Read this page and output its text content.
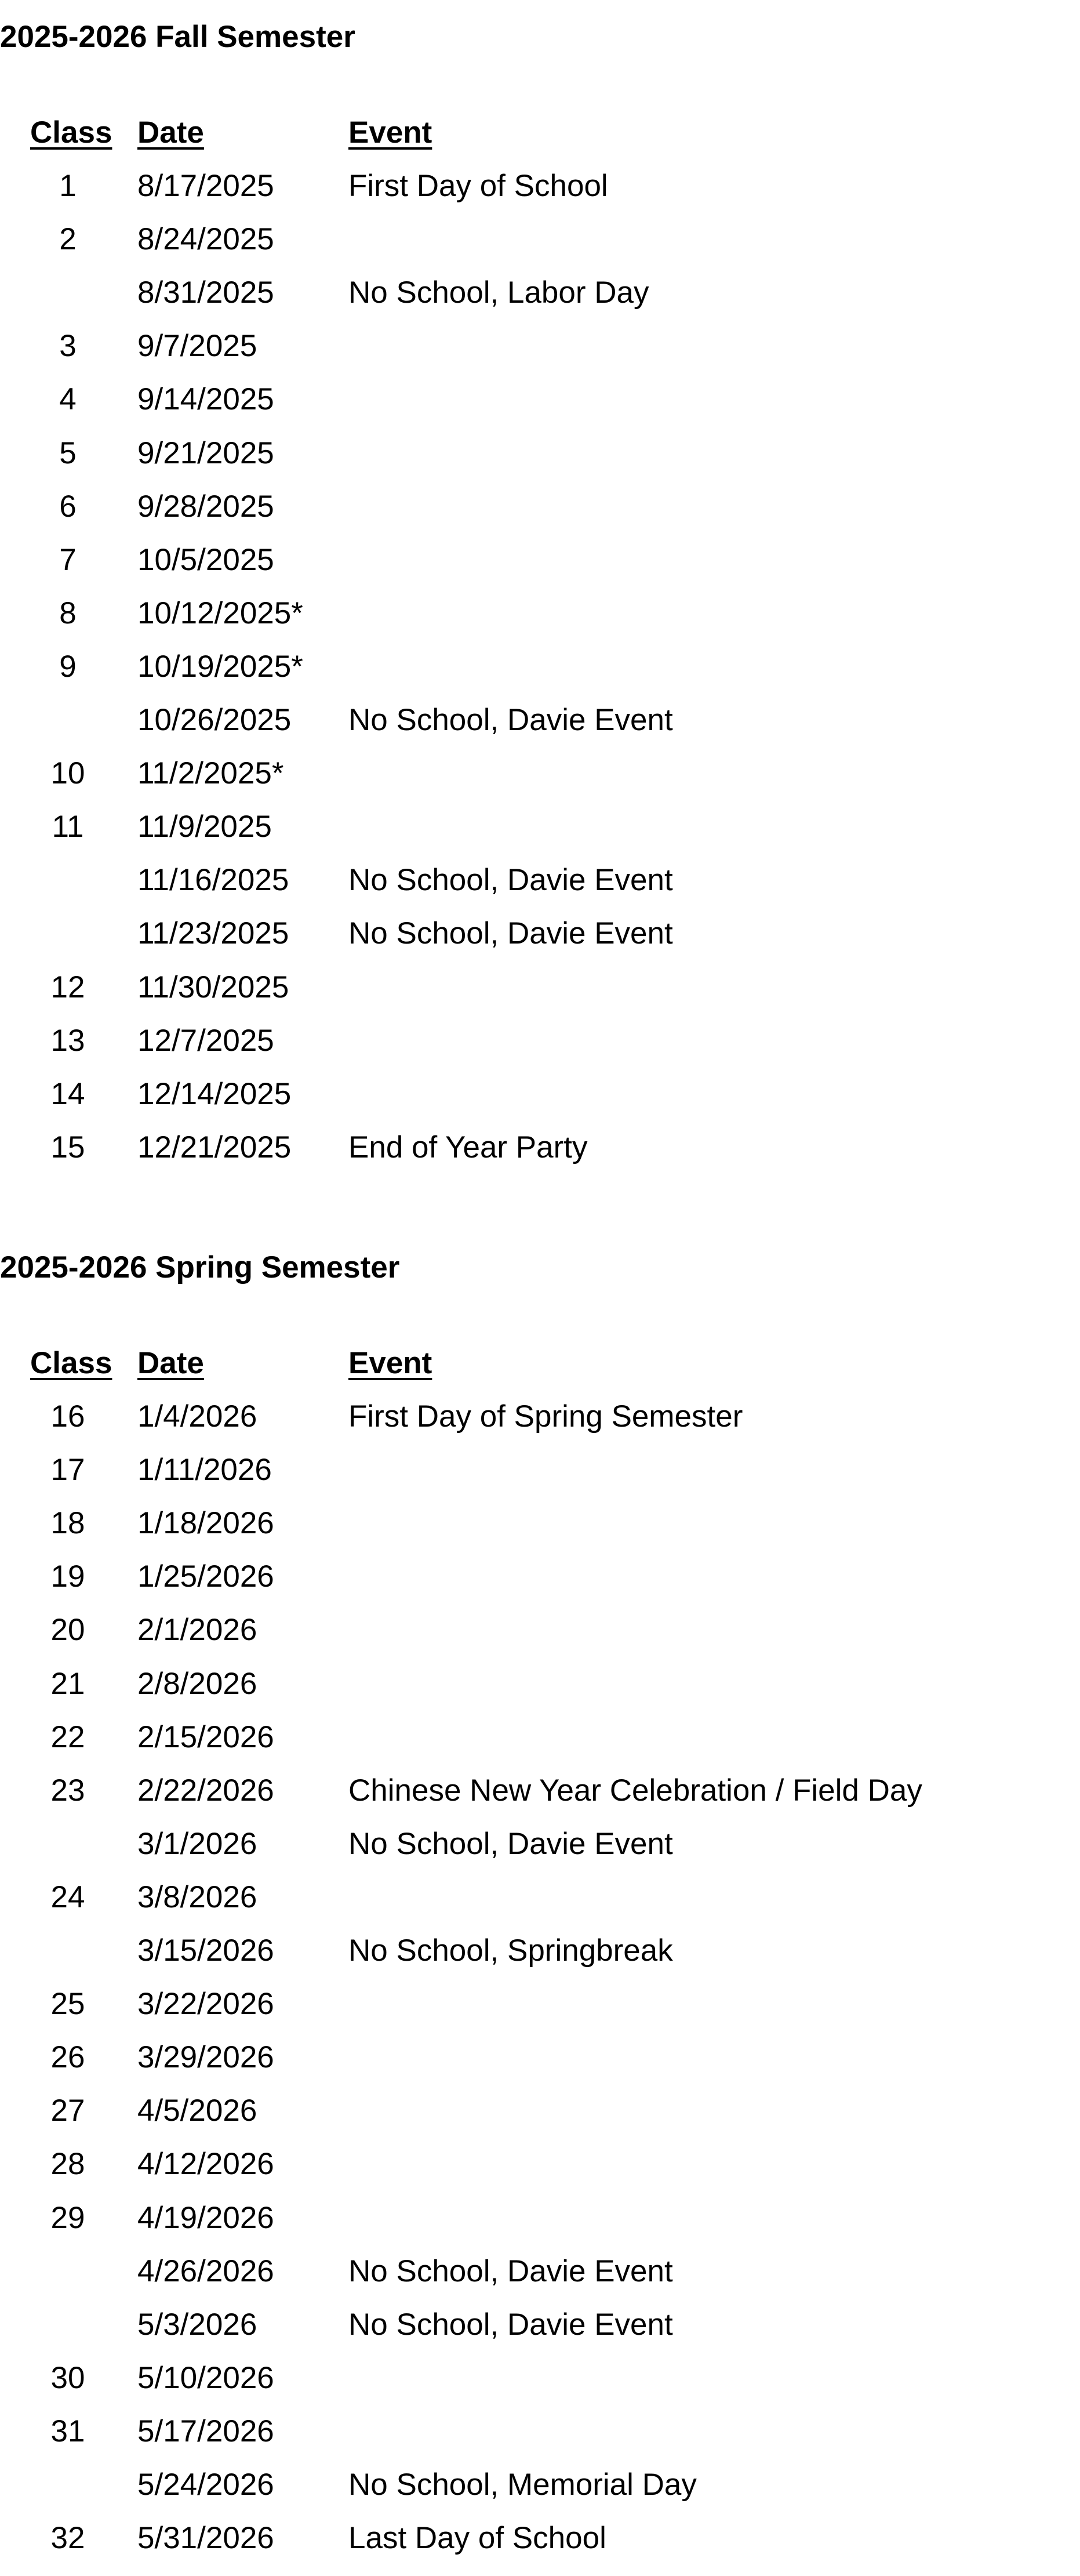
2025-2026 Fall Semester
Class Date	Event
1	8/17/2025 First Day of School
2	8/24/2025
8/31/2025 No School, Labor Day
3	9/7/2025
4	9/14/2025
5	9/21/2025
6	9/28/2025
7	10/5/2025
8	10/12/2025*
9	10/19/2025*
10/26/2025 No School, Davie Event
10	11/2/2025*
11	11/9/2025
11/16/2025 No School, Davie Event
11/23/2025 No School, Davie Event
12	11/30/2025
13	12/7/2025
14	12/14/2025
15	12/21/2025 End of Year Party
2025-2026 Spring Semester
Class Date	Event
16	1/4/2026	First Day of Spring Semester
17	1/11/2026
18	1/18/2026
19	1/25/2026
20	2/1/2026
21	2/8/2026
22	2/15/2026
23	2/22/2026 Chinese New Year Celebration / Field Day
3/1/2026	No School, Davie Event
24	3/8/2026
3/15/2026 No School, Springbreak
25	3/22/2026
26	3/29/2026
27	4/5/2026
28	4/12/2026
29	4/19/2026
4/26/2026 No School, Davie Event
5/3/2026	No School, Davie Event
30	5/10/2026
31	5/17/2026
5/24/2026 No School, Memorial Day
32	5/31/2026 Last Day of School
